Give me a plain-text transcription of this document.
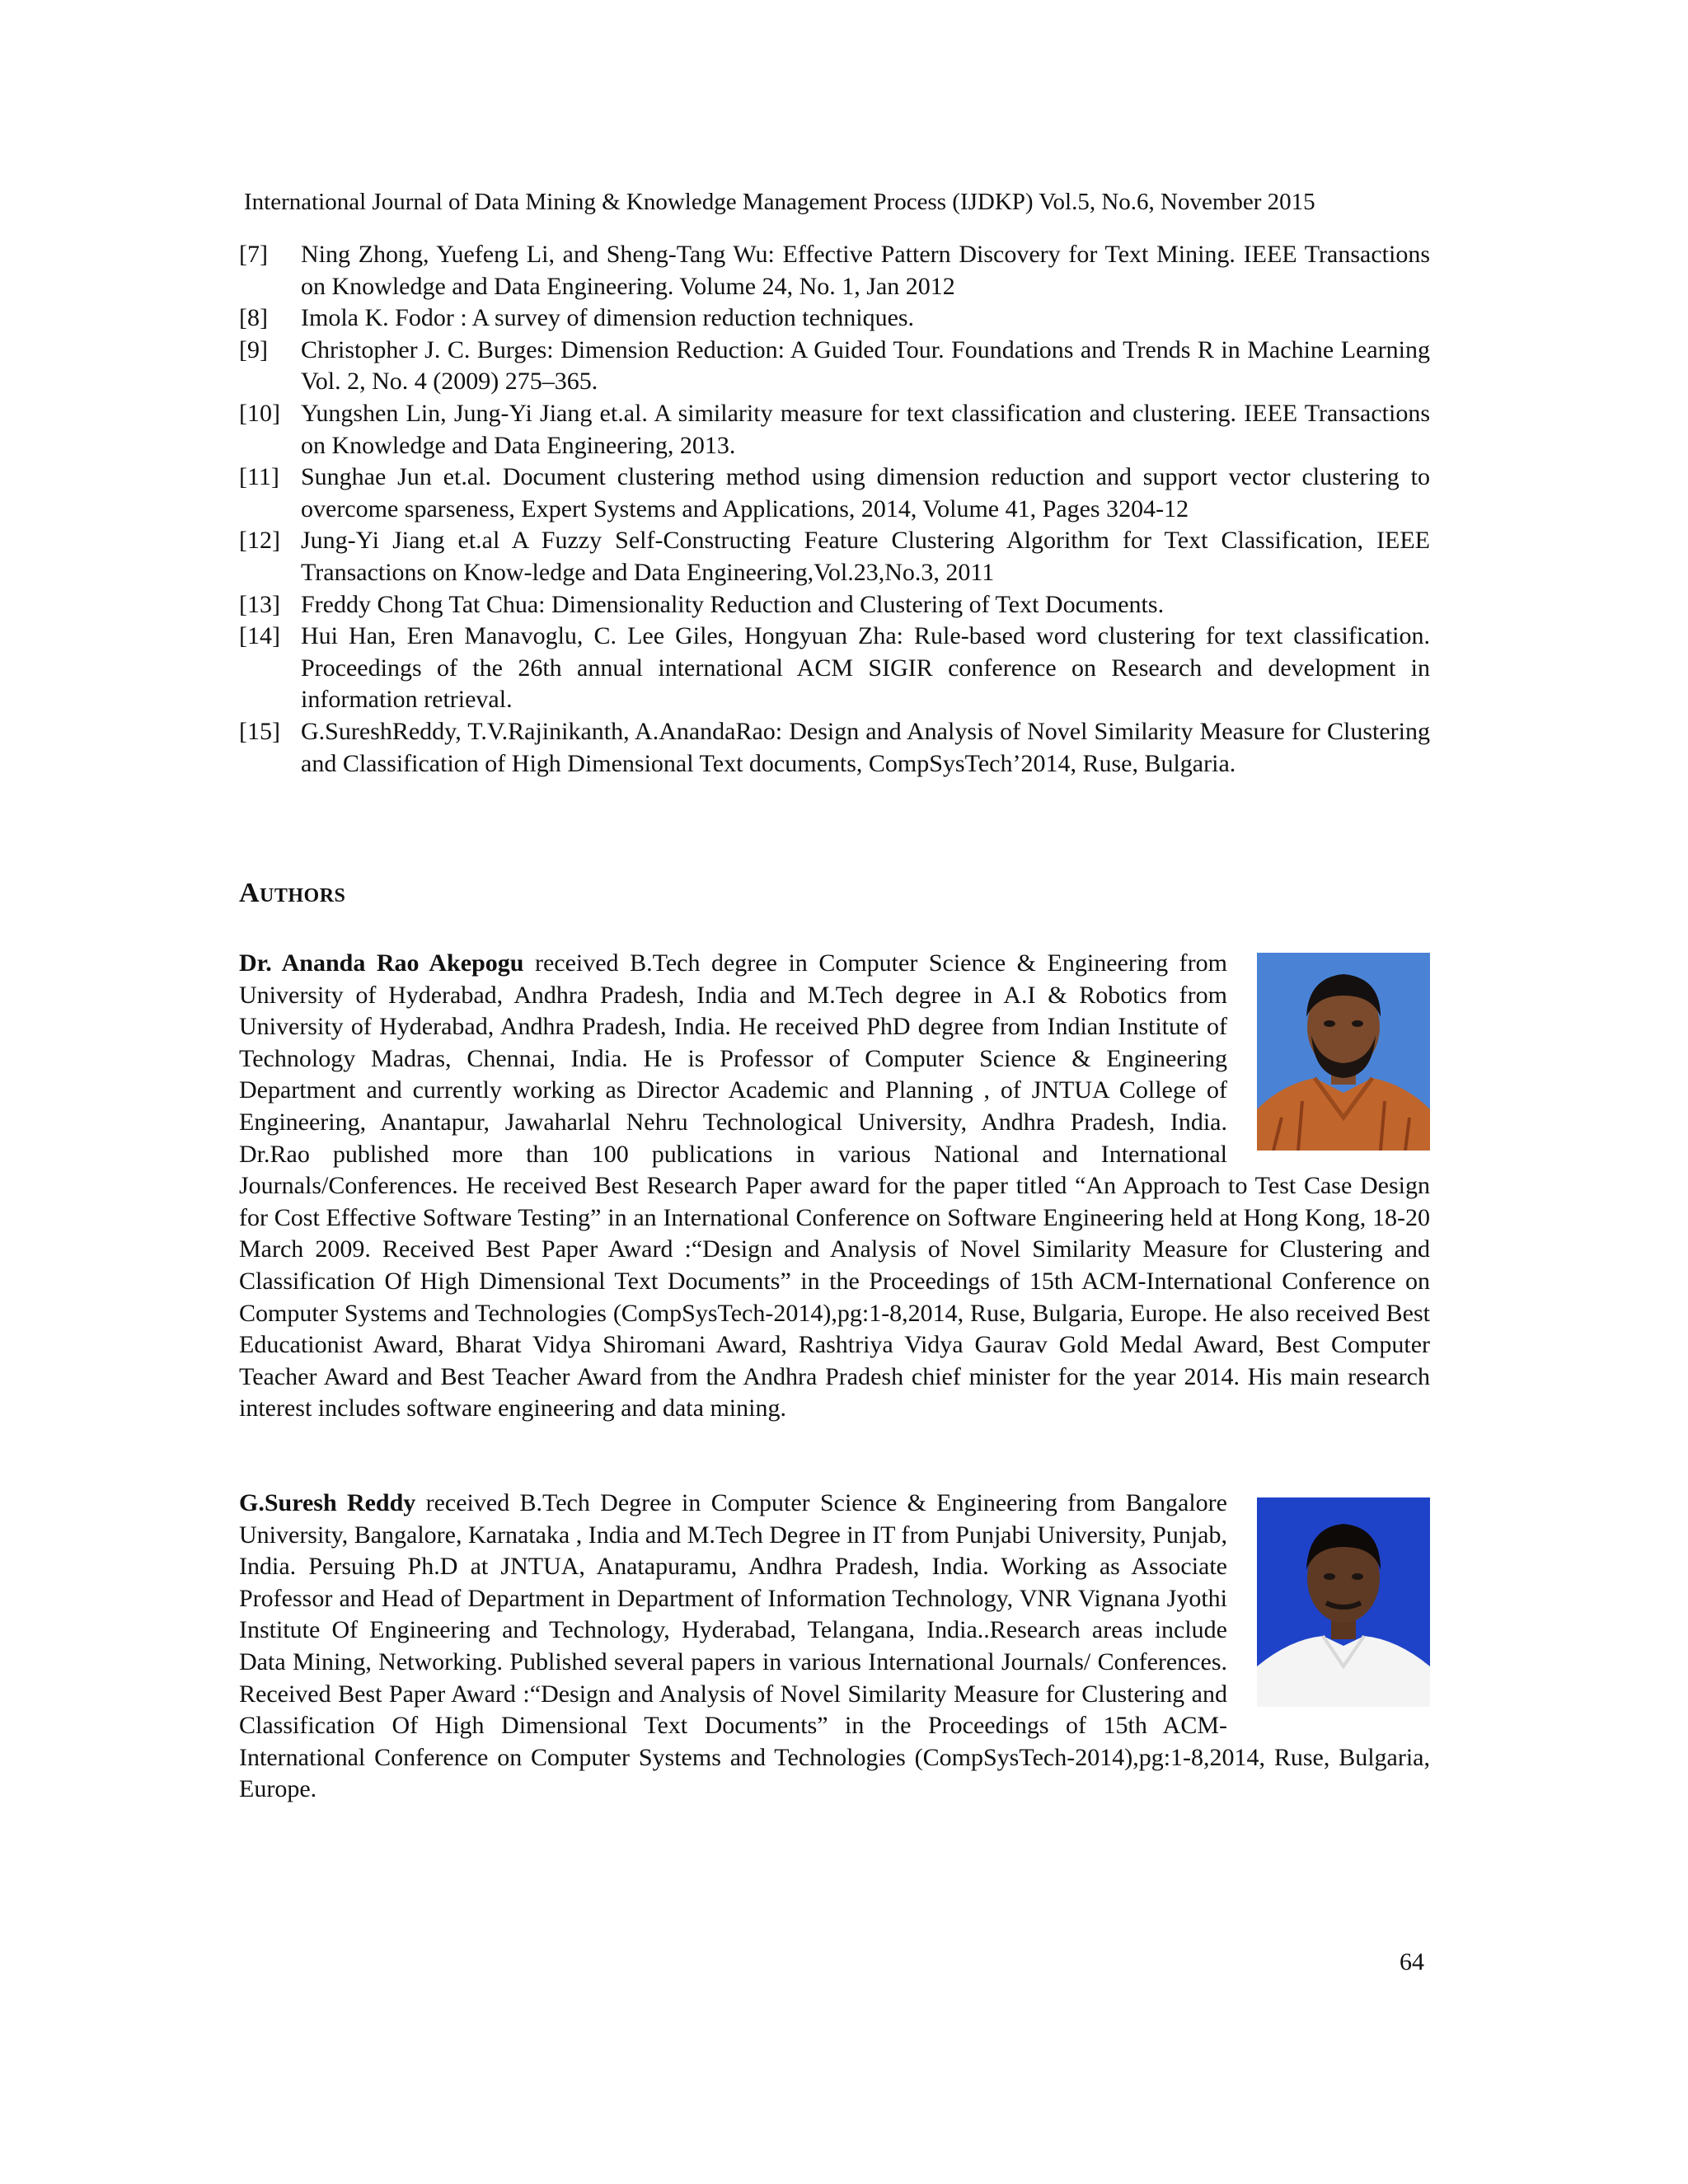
International Journal of Data Mining & Knowledge Management Process (IJDKP) Vol.5, No.6, November 2015
[7] Ning Zhong, Yuefeng Li, and Sheng-Tang Wu: Effective Pattern Discovery for Text Mining. IEEE Transactions on Knowledge and Data Engineering. Volume 24, No. 1, Jan 2012
[8] Imola K. Fodor : A survey of dimension reduction techniques.
[9] Christopher J. C. Burges: Dimension Reduction: A Guided Tour. Foundations and Trends R in Machine Learning Vol. 2, No. 4 (2009) 275–365.
[10] Yungshen Lin, Jung-Yi Jiang et.al. A similarity measure for text classification and clustering. IEEE Transactions on Knowledge and Data Engineering, 2013.
[11] Sunghae Jun et.al. Document clustering method using dimension reduction and support vector clustering to overcome sparseness, Expert Systems and Applications, 2014, Volume 41, Pages 3204-12
[12] Jung-Yi Jiang et.al A Fuzzy Self-Constructing Feature Clustering Algorithm for Text Classification, IEEE Transactions on Know-ledge and Data Engineering,Vol.23,No.3, 2011
[13] Freddy Chong Tat Chua: Dimensionality Reduction and Clustering of Text Documents.
[14] Hui Han, Eren Manavoglu, C. Lee Giles, Hongyuan Zha: Rule-based word clustering for text classification. Proceedings of the 26th annual international ACM SIGIR conference on Research and development in information retrieval.
[15] G.SureshReddy, T.V.Rajinikanth, A.AnandaRao: Design and Analysis of Novel Similarity Measure for Clustering and Classification of High Dimensional Text documents, CompSysTech’2014, Ruse, Bulgaria.
Authors
Dr. Ananda Rao Akepogu received B.Tech degree in Computer Science & Engineering from University of Hyderabad, Andhra Pradesh, India and M.Tech degree in A.I & Robotics from University of Hyderabad, Andhra Pradesh, India. He received PhD degree from Indian Institute of Technology Madras, Chennai, India. He is Professor of Computer Science & Engineering Department and currently working as Director Academic and Planning , of JNTUA College of Engineering, Anantapur, Jawaharlal Nehru Technological University, Andhra Pradesh, India. Dr.Rao published more than 100 publications in various National and International Journals/Conferences. He received Best Research Paper award for the paper titled “An Approach to Test Case Design for Cost Effective Software Testing” in an International Conference on Software Engineering held at Hong Kong, 18-20 March 2009. Received Best Paper Award :“Design and Analysis of Novel Similarity Measure for Clustering and Classification Of High Dimensional Text Documents” in the Proceedings of 15th ACM-International Conference on Computer Systems and Technologies (CompSysTech-2014),pg:1-8,2014, Ruse, Bulgaria, Europe. He also received Best Educationist Award, Bharat Vidya Shiromani Award, Rashtriya Vidya Gaurav Gold Medal Award, Best Computer Teacher Award and Best Teacher Award from the Andhra Pradesh chief minister for the year 2014. His main research interest includes software engineering and data mining.
G.Suresh Reddy received B.Tech Degree in Computer Science & Engineering from Bangalore University, Bangalore, Karnataka , India and M.Tech Degree in IT from Punjabi University, Punjab, India. Persuing Ph.D at JNTUA, Anatapuramu, Andhra Pradesh, India. Working as Associate Professor and Head of Department in Department of Information Technology, VNR Vignana Jyothi Institute Of Engineering and Technology, Hyderabad, Telangana, India..Research areas include Data Mining, Networking. Published several papers in various International Journals/ Conferences. Received Best Paper Award :“Design and Analysis of Novel Similarity Measure for Clustering and Classification Of High Dimensional Text Documents” in the Proceedings of 15th ACM-International Conference on Computer Systems and Technologies (CompSysTech-2014),pg:1-8,2014, Ruse, Bulgaria, Europe.
64
